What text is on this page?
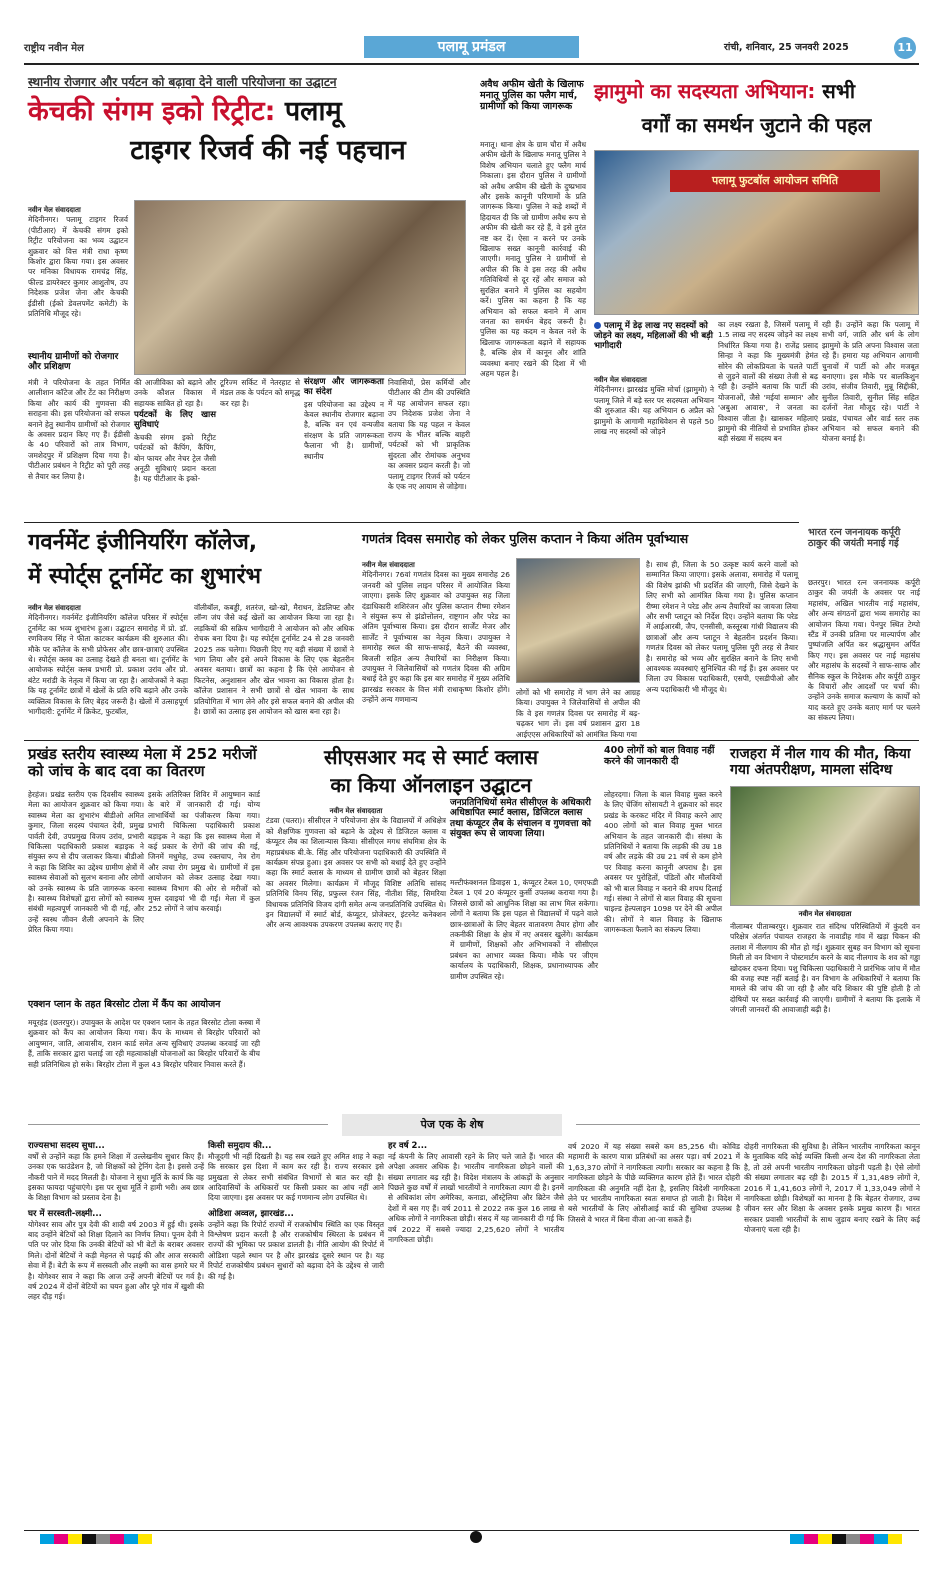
राष्ट्रीय नवीन मेल	पलामू प्रमंडल	रांची, शनिवार, 25 जनवरी 2025	11
स्थानीय रोजगार और पर्यटन को बढ़ावा देने वाली परियोजना का उद्घाटन
केचकी संगम इको रिट्रीट: पलामू
टाइगर रिजर्व की नई पहचान
नवीन मेल संवाददाता
मेदिनीनगर। पलामू टाइगर रिजर्व (पीटीआर) में केचकी संगम इको रिट्रीट परियोजना का भव्य उद्घाटन शुक्रवार को वित्त मंत्री राधा कृष्ण किशोर द्वारा किया गया। इस अवसर पर मनिका विधायक रामचंद्र सिंह, फील्ड डायरेक्टर कुमार आशुतोष, उप निदेशक प्रजेश जेना और केचकी ईडीसी (ईको डेवलपमेंट कमेटी) के प्रतिनिधि मौजूद रहे।
स्थानीय ग्रामीणों को रोजगार और प्रशिक्षण
मंत्री ने परियोजना के तहत निर्मित आलीशान कॉटेज और टेंट का निरीक्षण किया और कार्य की गुणवत्ता की सराहना की। इस परियोजना को सफल बनाने हेतु स्थानीय ग्रामीणों को रोजगार के अवसर प्रदान किए गए हैं। ईडीसी के 40 परिवारों को तात्र विभाग, जमशेदपुर में प्रशिक्षण दिया गया है। पीटीआर प्रबंधन ने रिट्रीट को पूरी तरह से तैयार कर लिया है।
की आजीविका को बढ़ाने और उनके कौशल विकास में सहायक साबित हो रहा है।
पर्यटकों के लिए खास सुविधाएं
केचकी संगम इको रिट्रीट पर्यटकों को कैंपिंग, कैंपिंग, बोन फायर और नेचर ट्रेल जैसी अनूठी सुविधाएं प्रदान करता है। यह पीटीआर के इको-
टूरिज्म सर्किट में नेतरहाट से मंडल तक के पर्यटन को समृद्ध कर रहा है।
संरक्षण और जागरूकता का संदेश
इस परियोजना का उद्देश्य न केवल स्थानीय रोजगार बढ़ाना है, बल्कि वन एवं वन्यजीव संरक्षण के प्रति जागरूकता फैलाना भी है। ग्रामीणों, स्थानीय
निवासियों, प्रेस कर्मियों और पीटीआर की टीम की उपस्थिति में यह आयोजन सफल रहा। उप निदेशक प्रजेश जेना ने बताया कि यह पहल न केवल राज्य के भीतर बल्कि बाहरी पर्यटकों को भी प्राकृतिक सुंदरता और रोमांचक अनुभव का अवसर प्रदान करती है। जो पलामू टाइगर रिजर्व को पर्यटन के एक नए आयाम से जोड़ेगा।
अवैध अफीम खेती के खिलाफ मनातू पुलिस का फ्लैग मार्च, ग्रामीणों को किया जागरूक
मनातू। थाना क्षेत्र के ग्राम चौरा में अवैध अफीम खेती के खिलाफ मनातू पुलिस ने विशेष अभियान चलाते हुए फ्लैग मार्च निकाला। इस दौरान पुलिस ने ग्रामीणों को अवैध अफीम की खेती के दुष्प्रभाव और इसके कानूनी परिणामों के प्रति जागरूक किया। पुलिस ने कड़े शब्दों में हिदायत दी कि जो ग्रामीण अवैध रूप से अफीम की खेती कर रहे हैं, वे इसे तुरंत नष्ट कर दें। ऐसा न करने पर उनके खिलाफ सख्त कानूनी कार्रवाई की जाएगी। मनातू पुलिस ने ग्रामीणों से अपील की कि वे इस तरह की अवैध गतिविधियों से दूर रहें और समाज को सुरक्षित बनाने में पुलिस का सहयोग करें। पुलिस का कहना है कि यह अभियान को सफल बनाने में आम जनता का समर्थन बेहद जरूरी है। पुलिस का यह कदम न केवल नशे के खिलाफ जागरूकता बढ़ाने में सहायक है, बल्कि क्षेत्र में कानून और शांति व्यवस्था बनाए रखने की दिशा में भी अहम पहल है।
झामुमो का सदस्यता अभियान: सभी
वर्गों का समर्थन जुटाने की पहल
पलामू फुटबॉल आयोजन समिति
पलामू में डेढ़ लाख नए सदस्यों को जोड़ने का लक्ष्य, महिलाओं की भी बड़ी भागीदारी
नवीन मेल संवाददाता
मेदिनीनगर। झारखंड मुक्ति मोर्चा (झामुमो) ने पलामू जिले में बड़े स्तर पर सदस्यता अभियान की शुरुआत की। यह अभियान 6 अप्रैल को झामुमो के आगामी महाधिवेशन से पहले 50 लाख नए सदस्यों को जोड़ने
का लक्ष्य रखता है, जिसमें पलामू में 1.5 लाख नए सदस्य जोड़ने का लक्ष्य निर्धारित किया गया है। राजेंद्र प्रसाद सिन्हा ने कहा कि मुख्यमंत्री हेमंत सोरेन की लोकप्रियता के चलते पार्टी से जुड़ने वालों की संख्या तेजी से बढ़ रही है। उन्होंने बताया कि पार्टी की योजनाओं, जैसे 'मईयां सम्मान' और 'अबुआ आवास', ने जनता का विश्वास जीता है। खासकर महिलाएं झामुमो की नीतियों से प्रभावित होकर बड़ी संख्या में सदस्य बन
रही हैं। उन्होंने कहा कि पलामू में सभी वर्ग, जाति और धर्म के लोग झामुमो के प्रति अपना विश्वास जता रहे हैं। हमारा यह अभियान आगामी चुनावों में पार्टी को और मजबूत बनाएगा। इस मौके पर बालकिशुन उरांव, संजीव तिवारी, मुन्नू सिद्दीकी, सुनील तिवारी, सुनील सिंह सहित दर्जनों नेता मौजूद रहे। पार्टी ने प्रखंड, पंचायत और वार्ड स्तर तक अभियान को सफल बनाने की योजना बनाई है।
गवर्नमेंट इंजीनियरिंग कॉलेज,
में स्पोर्ट्स टूर्नामेंट का शुभारंभ
नवीन मेल संवाददाता
मेदिनीनगर। गवर्नमेंट इंजीनियरिंग कॉलेज परिसर में स्पोर्ट्स टूर्नामेंट का भव्य शुभारंभ हुआ। उद्घाटन समारोह में प्रो. डॉ. रणविजय सिंह ने फीता काटकर कार्यक्रम की शुरुआत की। मौके पर कॉलेज के सभी प्रोफेसर और छात्र-छात्राएं उपस्थित थे। स्पोर्ट्स क्लब का उत्साह देखते ही बनता था। टूर्नामेंट के आयोजक स्पोर्ट्स क्लब प्रभारी प्रो. प्रकाश उरांव और प्रो. बंटेट मरांडी के नेतृत्व में किया जा रहा है। आयोजकों ने कहा कि यह टूर्नामेंट छात्रों में खेलों के प्रति रुचि बढ़ाने और उनके व्यक्तित्व विकास के लिए बेहद जरूरी है। खेलों में उत्साहपूर्ण भागीदारी: टूर्नामेंट में क्रिकेट, फुटबॉल,
वॉलीबॉल, कबड्डी, शतरंज, खो-खो, मैराथन, डेडलिफ्ट और लॉन्ग जंप जैसे कई खेलों का आयोजन किया जा रहा है। लड़कियों की सक्रिय भागीदारी ने आयोजन को और अधिक रोचक बना दिया है। यह स्पोर्ट्स टूर्नामेंट 24 से 28 जनवरी 2025 तक चलेगा। पिछली दिए गए बड़ी संख्या में छात्रों ने भाग लिया और इसे अपने विकास के लिए एक बेहतरीन अवसर बताया। छात्रों का कहना है कि ऐसे आयोजन से फिटनेस, अनुशासन और खेल भावना का विकास होता है। कॉलेज प्रशासन ने सभी छात्रों से खेल भावना के साथ प्रतियोगिता में भाग लेने और इसे सफल बनाने की अपील की है। छात्रों का उत्साह इस आयोजन को खास बना रहा है।
गणतंत्र दिवस समारोह को लेकर पुलिस कप्तान ने किया अंतिम पूर्वाभ्यास
नवीन मेल संवाददाता
मेदिनीनगर। 76वां गणतंत्र दिवस का मुख्य समारोह 26 जनवरी को पुलिस लाइन परिसर में आयोजित किया जाएगा। इसके लिए शुक्रवार को उपायुक्त सह जिला दंडाधिकारी शशिरंजन और पुलिस कप्तान रीष्मा रमेशन ने संयुक्त रूप से झंडोत्तोलन, राष्ट्रगान और परेड का अंतिम पूर्वाभ्यास किया। इस दौरान सार्जेंट मेजर और सार्जेंट ने पूर्वाभ्यास का नेतृत्व किया। उपायुक्त ने समारोह स्थल की साफ-सफाई, बैठने की व्यवस्था, बिजली सहित अन्य तैयारियों का निरीक्षण किया। उपायुक्त ने जिलेवासियों को गणतंत्र दिवस की अग्रिम बधाई देते हुए कहा कि इस बार समारोह में मुख्य अतिथि झारखंड सरकार के वित्त मंत्री राधाकृष्ण किशोर होंगे। उन्होंने अन्य गणमान्य
लोगों को भी समारोह में भाग लेने का आग्रह किया। उपायुक्त ने जिलेवासियों से अपील की कि वे इस गणतंत्र दिवस पर समारोह में बढ़-चढ़कर भाग लें। इस वर्ष प्रशासन द्वारा 18 आईएएस अधिकारियों को आमंत्रित किया गया
है। साथ ही, जिला के 50 उत्कृष्ट कार्य करने वालों को सम्मानित किया जाएगा। इसके अलावा, समारोह में पलामू की विशेष झांकी भी प्रदर्शित की जाएगी, जिसे देखने के लिए सभी को आमंत्रित किया गया है। पुलिस कप्तान रीष्मा रमेशन ने परेड और अन्य तैयारियों का जायजा लिया और सभी प्लाटून को निर्देश दिए। उन्होंने बताया कि परेड में आईआरबी, जैप, एनसीसी, कस्तूरबा गांधी विद्यालय की छात्राओं और अन्य प्लाटून ने बेहतरीन प्रदर्शन किया। गणतंत्र दिवस को लेकर पलामू पुलिस पूरी तरह से तैयार है। समारोह को भव्य और सुरक्षित बनाने के लिए सभी आवश्यक व्यवस्थाएं सुनिश्चित की गई हैं। इस अवसर पर जिला उप विकास पदाधिकारी, एसपी, एसडीपीओ और अन्य पदाधिकारी भी मौजूद थे।
भारत रत्न जननायक कर्पूरी ठाकुर की जयंती मनाई गई
छतरपुर। भारत रत्न जननायक कर्पूरी ठाकुर की जयंती के अवसर पर नाई महासंघ, अखिल भारतीय नाई महासंघ, और अन्य संगठनों द्वारा भव्य समारोह का आयोजन किया गया। पेनपुर स्थित टेम्पो स्टैंड में उनकी प्रतिमा पर माल्यार्पण और पुष्पांजलि अर्पित कर श्रद्धासुमन अर्पित किए गए। इस अवसर पर नाई महासंघ और महासंघ के सदस्यों ने साफ-साफ और सैनिक स्कूल के निदेशक और कर्पूरी ठाकुर के विचारों और आदर्शों पर चर्चा की। उन्होंने उनके समाज कल्याण के कार्यों को याद करते हुए उनके बताए मार्ग पर चलने का संकल्प लिया।
प्रखंड स्तरीय स्वास्थ्य मेला में 252 मरीजों को जांच के बाद दवा का वितरण
हेरहंज। प्रखंड स्तरीय एक दिवसीय स्वास्थ्य मेला का आयोजन शुक्रवार को किया गया। स्वास्थ्य मेला का शुभारंभ बीडीओ अमित कुमार, जिला सदस्य पंचायत देवी, प्रमुख पार्वती देवी, उपप्रमुख विजय उरांव, प्रभारी चिकित्सा पदाधिकारी प्रकाश बड़ाइक ने संयुक्त रूप से दीप जलाकर किया। बीडीओ ने कहा कि शिविर का उद्देश्य ग्रामीण क्षेत्रों में स्वास्थ्य सेवाओं को सुलभ बनाना और लोगों को उनके स्वास्थ्य के प्रति जागरूक करना है। स्वास्थ्य विशेषज्ञों द्वारा लोगों को स्वास्थ्य संबंधी महत्वपूर्ण जानकारी भी दी गई, और उन्हें स्वस्थ जीवन शैली अपनाने के लिए प्रेरित किया गया।
इसके अतिरिक्त शिविर में आयुष्मान कार्ड के बारे में जानकारी दी गई। योग्य लाभार्थियों का पंजीकरण किया गया। प्रभारी चिकित्सा पदाधिकारी प्रकाश बड़ाइक ने कहा कि इस स्वास्थ्य मेला में कई प्रकार के रोगों की जांच की गई, जिनमें मधुमेह, उच्च रक्तचाप, नेत्र रोग और त्वचा रोग प्रमुख थे। ग्रामीणों में इस आयोजन को लेकर उत्साह देखा गया। स्वास्थ्य विभाग की ओर से मरीजों को मुफ्त दवाइयां भी दी गईं। मेला में कुल 252 लोगों ने जांच करवाई।
एक्शन प्लान के तहत बिरसोट टोला में कैंप का आयोजन
मयूरहंड (छतरपुर)। उपायुक्त के आदेश पर एक्शन प्लान के तहत बिरसोट टोला कस्बा में शुक्रवार को कैंप का आयोजन किया गया। कैंप के माध्यम से बिरहोर परिवारों को आयुष्मान, जाति, आवासीय, राशन कार्ड समेत अन्य सुविधाएं उपलब्ध करवाई जा रही हैं, ताकि सरकार द्वारा चलाई जा रही महत्वाकांक्षी योजनाओं का बिरहोर परिवारों के बीच सही प्रतिनिधित्व हो सके। बिरहोर टोला में कुल 43 बिरहोर परिवार निवास करते हैं।
सीएसआर मद से स्मार्ट क्लास
का किया ऑनलाइन उद्घाटन
नवीन मेल संवाददाता
टंडवा (चतरा)। सीसीएल ने परियोजना क्षेत्र के विद्यालयों में अधिक्षेत्र को शैक्षणिक गुणवत्ता को बढ़ाने के उद्देश्य से डिजिटल क्लास व कंप्यूटर लैब का शिलान्यास किया। सीसीएल मगध संघमित्रा क्षेत्र के महाप्रबंधक बी.के. सिंह और परियोजना पदाधिकारी की उपस्थिति में कार्यक्रम संपन्न हुआ। इस अवसर पर सभी को बधाई देते हुए उन्होंने कहा कि स्मार्ट क्लास के माध्यम से ग्रामीण छात्रों को बेहतर शिक्षा का अवसर मिलेगा। कार्यक्रम में मौजूद विशिष्ट अतिथि सांसद प्रतिनिधि विनय सिंह, प्रफुल्ल रंजन सिंह, नीतीश सिंह, सिमरिया विधायक प्रतिनिधि विजय दांगी समेत अन्य जनप्रतिनिधि उपस्थित थे। इन विद्यालयों में स्मार्ट बोर्ड, कंप्यूटर, प्रोजेक्टर, इंटरनेट कनेक्शन और अन्य आवश्यक उपकरण उपलब्ध कराए गए हैं।
जनप्रतिनिधियों समेत सीसीएल के अधिकारी अधिष्ठापित स्मार्ट क्लास, डिजिटल क्लास तथा कंप्यूटर लैब के संचालन व गुणवत्ता को संयुक्त रूप से जायजा लिया।
मल्टीफंक्शनल डिवाइस 1, कंप्यूटर टेबल 10, एमएफडी टेबल 1 एवं 20 कंप्यूटर कुर्सी उपलब्ध कराया गया है। जिससे छात्रों को आधुनिक शिक्षा का लाभ मिल सकेगा। लोगों ने बताया कि इस पहल से विद्यालयों में पढ़ने वाले छात्र-छात्राओं के लिए बेहतर वातावरण तैयार होगा और तकनीकी शिक्षा के क्षेत्र में नए अवसर खुलेंगे। कार्यक्रम में ग्रामीणों, शिक्षकों और अभिभावकों ने सीसीएल प्रबंधन का आभार व्यक्त किया। मौके पर जीएम कार्यालय के पदाधिकारी, शिक्षक, प्रधानाध्यापक और ग्रामीण उपस्थित रहे।
400 लोगों को बाल विवाह नहीं करने की जानकारी दी
लोहरदगा। जिला के बाल विवाह मुक्त करने के लिए चेंजिंग सोसायटी ने शुक्रवार को सदर प्रखंड के करकट मंदिर में विवाह करने आए 400 लोगों को बाल विवाह मुक्त भारत अभियान के तहत जानकारी दी। संस्था के प्रतिनिधियों ने बताया कि लड़की की उम्र 18 वर्ष और लड़के की उम्र 21 वर्ष से कम होने पर विवाह करना कानूनी अपराध है। इस अवसर पर पुरोहितों, पंडितों और मौलवियों को भी बाल विवाह न कराने की शपथ दिलाई गई। संस्था ने लोगों से बाल विवाह की सूचना चाइल्ड हेल्पलाइन 1098 पर देने की अपील की। लोगों ने बाल विवाह के खिलाफ जागरूकता फैलाने का संकल्प लिया।
राजहरा में नील गाय की मौत, किया गया अंतपरीक्षण, मामला संदिग्ध
नवीन मेल संवाददाता
नीलाम्बर पीताम्बरपुर। शुक्रवार रात संदिग्ध परिस्थितियों में कुंदरी वन परिक्षेत्र अंतर्गत पंचायत राजहरा के नावाडीह गांव में खड़ा चिकन की तलाश में नीलगाय की मौत हो गई। शुक्रवार सुबह वन विभाग को सूचना मिली तो वन विभाग ने पोस्टमार्टम करने के बाद नीलगाय के शव को गड्ढा खोदकर दफना दिया। पशु चिकित्सा पदाधिकारी ने प्रारंभिक जांच में मौत की वजह स्पष्ट नहीं बताई है। वन विभाग के अधिकारियों ने बताया कि मामले की जांच की जा रही है और यदि शिकार की पुष्टि होती है तो दोषियों पर सख्त कार्रवाई की जाएगी। ग्रामीणों ने बताया कि इलाके में जंगली जानवरों की आवाजाही बढ़ी है।
पेज एक के शेष
राज्यसभा सदस्य सुधा...
वर्षों से उन्होंने कहा कि हमने शिक्षा में उल्लेखनीय सुधार किए हैं। उनका एक फाउंडेशन है, जो शिक्षकों को ट्रेनिंग देता है। इससे उन्हें नौकरी पाने में मदद मिलती है। योजना ने सुधा मूर्ति के कार्य कि वह इसका फायदा पहुंचाएंगे। इस पर सुधा मूर्ति ने हामी भरी। अब छात्र के शिक्षा विभाग को प्रस्ताव देना है।
घर में सरस्वती-लक्ष्मी...
योगेश्वर साव और पुत्र देवी की शादी वर्ष 2003 में हुई थी। इसके बाद उन्होंने बेटियों को शिक्षा दिलाने का निर्णय लिया। पूनम देवी ने पति पर जोर दिया कि उनकी बेटियों को भी बेटों के बराबर अवसर मिले। दोनों बेटियों ने कड़ी मेहनत से पढ़ाई की और आज सरकारी सेवा में हैं। बेटी के रूप में सरस्वती और लक्ष्मी का वास हमारे घर में है। योगेश्वर साव ने कहा कि आज उन्हें अपनी बेटियों पर गर्व है। वर्ष 2024 में दोनों बेटियों का चयन हुआ और पूरे गांव में खुशी की लहर दौड़ गई।
किसी समुदाय की...
मौजूदगी भी नहीं दिखती है। यह सब रखते हुए अमित शाह ने कहा कि सरकार इस दिशा में काम कर रही है। राज्य सरकार इसे प्रमुखता से लेकर सभी संबंधित विभागों से बात कर रही है। आदिवासियों के अधिकारों पर किसी प्रकार का आंच नहीं आने दिया जाएगा। इस अवसर पर कई गणमान्य लोग उपस्थित थे।
ओडिशा अव्वल, झारखंड...
उन्होंने कहा कि रिपोर्ट राज्यों में राजकोषीय स्थिति का एक विस्तृत विश्लेषण प्रदान करती है और राजकोषीय स्थिरता के प्रबंधन में राज्यों की भूमिका पर प्रकाश डालती है। नीति आयोग की रिपोर्ट में ओडिशा पहले स्थान पर है और झारखंड दूसरे स्थान पर है। यह रिपोर्ट राजकोषीय प्रबंधन सुधारों को बढ़ावा देने के उद्देश्य से जारी की गई है।
हर वर्ष 2...
नई कंपनी के लिए आवासी रहने के लिए चले जाते हैं। भारत की अपेक्षा अवसर अधिक है। भारतीय नागरिकता छोड़ने वालों की संख्या लगातार बढ़ रही है। विदेश मंत्रालय के आंकड़ों के अनुसार पिछले कुछ वर्षों में लाखों भारतीयों ने नागरिकता त्याग दी है। इनमें से अधिकांश लोग अमेरिका, कनाडा, ऑस्ट्रेलिया और ब्रिटेन जैसे देशों में बस गए हैं। वर्ष 2011 से 2022 तक कुल 16 लाख से अधिक लोगों ने नागरिकता छोड़ी। संसद में यह जानकारी दी गई कि वर्ष 2022 में सबसे ज्यादा 2,25,620 लोगों ने भारतीय नागरिकता छोड़ी।
वर्ष 2020 में यह संख्या सबसे कम 85,256 थी। कोविड महामारी के कारण यात्रा प्रतिबंधों का असर पड़ा। वर्ष 2021 में 1,63,370 लोगों ने नागरिकता त्यागी। सरकार का कहना है कि नागरिकता छोड़ने के पीछे व्यक्तिगत कारण होते हैं। भारत दोहरी नागरिकता की अनुमति नहीं देता है, इसलिए विदेशी नागरिकता लेने पर भारतीय नागरिकता स्वतः समाप्त हो जाती है। विदेश में बसे भारतीयों के लिए ओसीआई कार्ड की सुविधा उपलब्ध है जिससे वे भारत में बिना वीजा आ-जा सकते हैं।
दोहरी नागरिकता की सुविधा है। लेकिन भारतीय नागरिकता कानून के मुताबिक यदि कोई व्यक्ति किसी अन्य देश की नागरिकता लेता है, तो उसे अपनी भारतीय नागरिकता छोड़नी पड़ती है। ऐसे लोगों की संख्या लगातार बढ़ रही है। 2015 में 1,31,489 लोगों ने, 2016 में 1,41,603 लोगों ने, 2017 में 1,33,049 लोगों ने नागरिकता छोड़ी। विशेषज्ञों का मानना है कि बेहतर रोजगार, उच्च जीवन स्तर और शिक्षा के अवसर इसके प्रमुख कारण हैं। भारत सरकार प्रवासी भारतीयों के साथ जुड़ाव बनाए रखने के लिए कई योजनाएं चला रही है।
